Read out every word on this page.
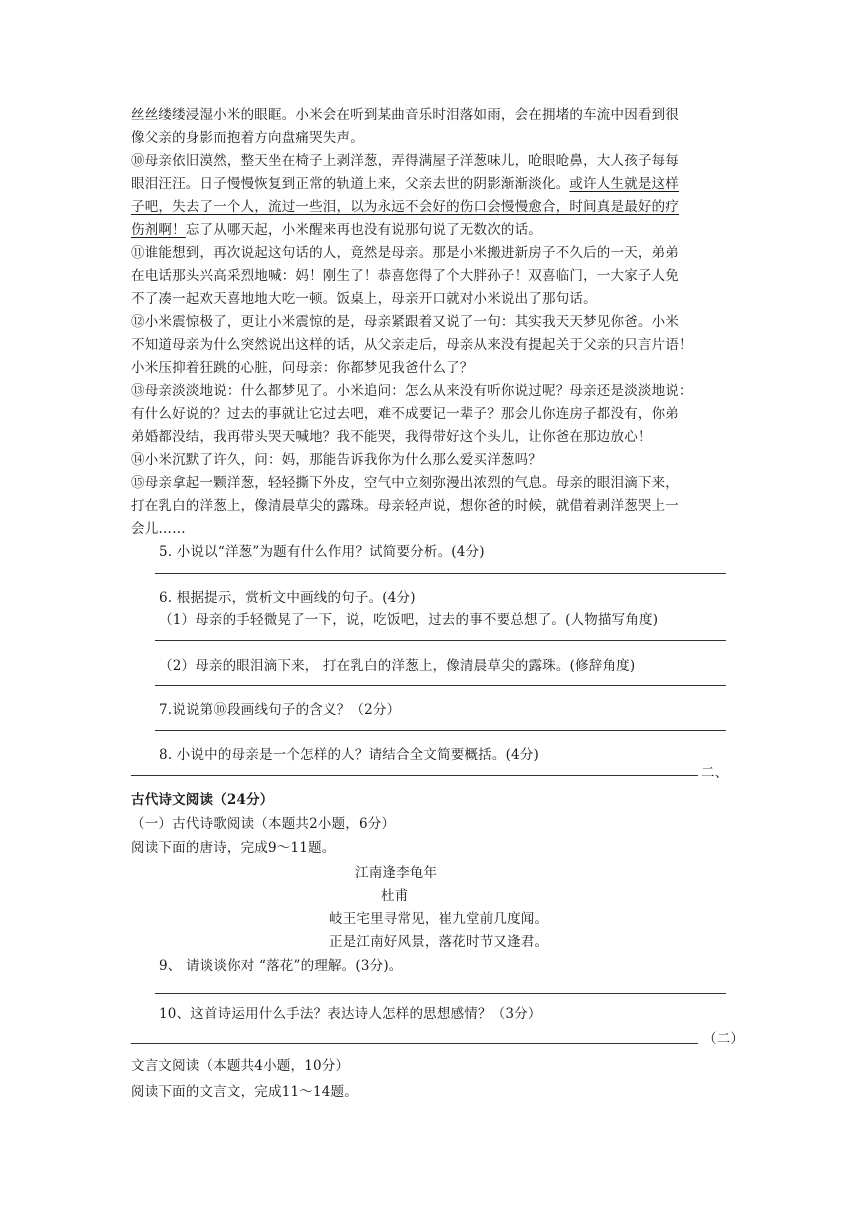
丝丝缕缕浸湿小米的眼眶。小米会在听到某曲音乐时泪落如雨，会在拥堵的车流中因看到很
像父亲的身影而抱着方向盘痛哭失声。
⑩母亲依旧漠然，整天坐在椅子上剥洋葱，弄得满屋子洋葱味儿，呛眼呛鼻，大人孩子每每
眼泪汪汪。日子慢慢恢复到正常的轨道上来，父亲去世的阴影渐渐淡化。或许人生就是这样
子吧，失去了一个人，流过一些泪，以为永远不会好的伤口会慢慢愈合，时间真是最好的疗
伤剂啊！忘了从哪天起，小米醒来再也没有说那句说了无数次的话。
⑪谁能想到，再次说起这句话的人，竟然是母亲。那是小米搬进新房子不久后的一天，弟弟
在电话那头兴高采烈地喊：妈！刚生了！恭喜您得了个大胖孙子！双喜临门，一大家子人免
不了凑一起欢天喜地地大吃一顿。饭桌上，母亲开口就对小米说出了那句话。
⑫小米震惊极了，更让小米震惊的是，母亲紧跟着又说了一句：其实我天天梦见你爸。小米
不知道母亲为什么突然说出这样的话，从父亲走后，母亲从来没有提起关于父亲的只言片语！
小米压抑着狂跳的心脏，问母亲：你都梦见我爸什么了？
⑬母亲淡淡地说：什么都梦见了。小米追问：怎么从来没有听你说过呢？母亲还是淡淡地说：
有什么好说的？过去的事就让它过去吧，难不成要记一辈子？那会儿你连房子都没有，你弟
弟婚都没结，我再带头哭天喊地？我不能哭，我得带好这个头儿，让你爸在那边放心！
⑭小米沉默了许久，问：妈，那能告诉我你为什么那么爱买洋葱吗？
⑮母亲拿起一颗洋葱，轻轻撕下外皮，空气中立刻弥漫出浓烈的气息。母亲的眼泪滴下来，
打在乳白的洋葱上，像清晨草尖的露珠。母亲轻声说，想你爸的时候，就借着剥洋葱哭上一
会儿……
5. 小说以“洋葱”为题有什么作用？试简要分析。(4分)
6. 根据提示，赏析文中画线的句子。(4分)
（1）母亲的手轻微晃了一下，说，吃饭吧，过去的事不要总想了。(人物描写角度)
（2）母亲的眼泪滴下来， 打在乳白的洋葱上，像清晨草尖的露珠。(修辞角度)
7.说说第⑩段画线句子的含义？（2分）
8. 小说中的母亲是一个怎样的人？请结合全文简要概括。(4分)
二、
古代诗文阅读（24分）
（一）古代诗歌阅读（本题共2小题，6分）
阅读下面的唐诗，完成9～11题。
江南逢李龟年
杜甫
岐王宅里寻常见，崔九堂前几度闻。
正是江南好风景，落花时节又逢君。
9、 请谈谈你对 “落花”的理解。(3分)。
10、这首诗运用什么手法？表达诗人怎样的思想感情？（3分）
（二）
文言文阅读（本题共4小题，10分）
阅读下面的文言文，完成11～14题。
